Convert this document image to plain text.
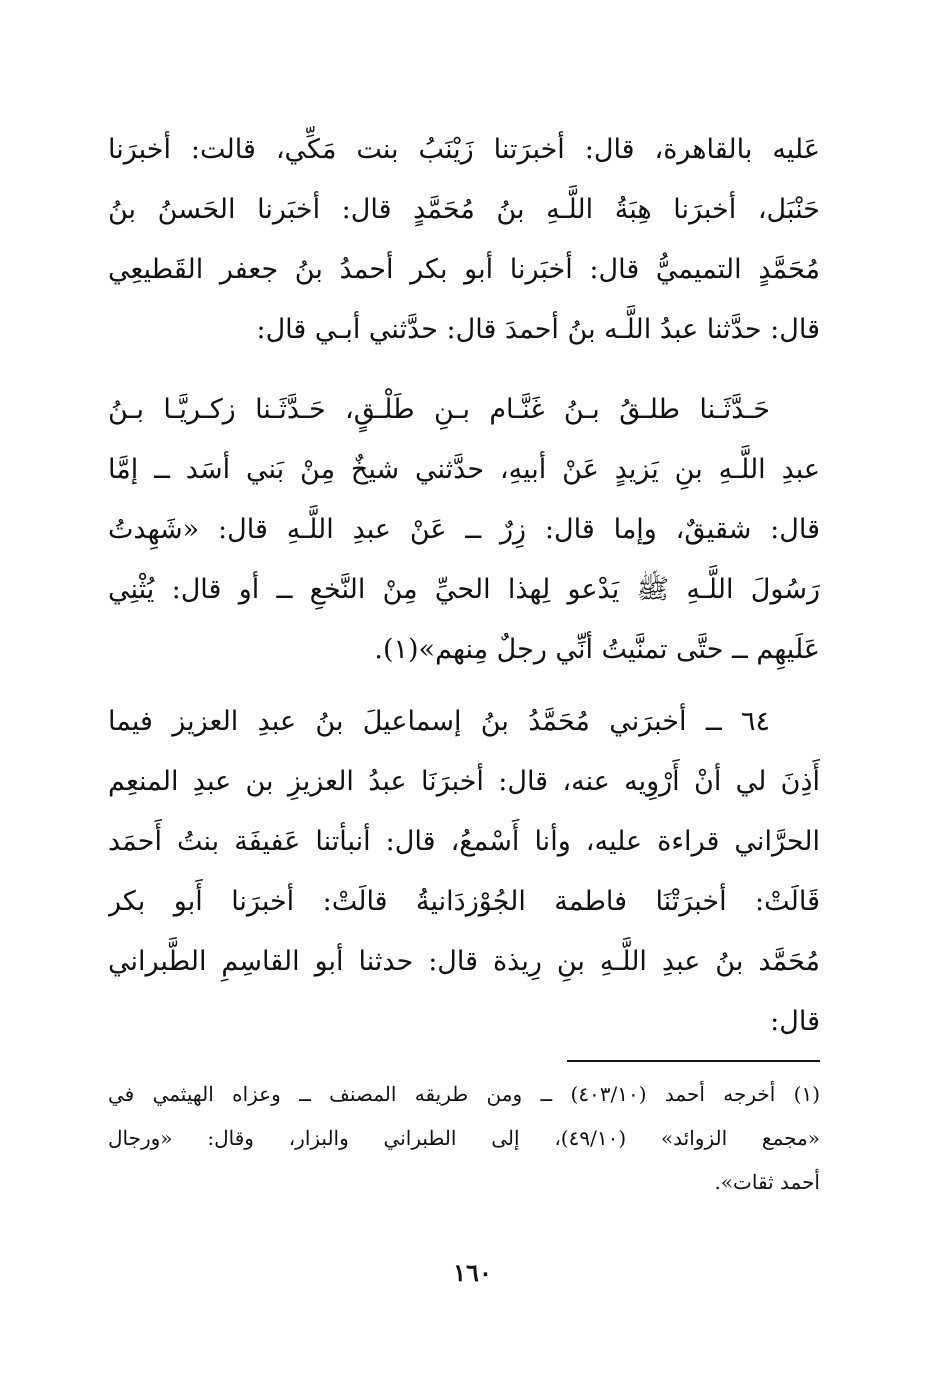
عَليه بالقاهرة، قال: أخبرَتنا زَيْنَبُ بنت مَكِّي، قالت: أخبرَنا
حَنْبَل، أخبرَنا هِبَةُ اللَّـهِ بنُ مُحَمَّدٍ قال: أخبَرنا الحَسنُ بنُ
مُحَمَّدٍ التميميُّ قال: أخبَرنا أبو بكر أحمدُ بنُ جعفر القَطيعِي
قال: حدَّثنا عبدُ اللَّـه بنُ أحمدَ قال: حدَّثني أبـي قال:
حَـدَّثَـنا طلـقُ بـنُ غَنَّـام بـنِ طَلْـقٍ، حَـدَّثَـنا زكـريَّـا بـنُ
عبدِ اللَّـهِ بنِ يَزيدٍ عَنْ أبيهِ، حدَّثني شيخٌ مِنْ بَني أسَد ــ إمَّا
قال: شقيقٌ، وإما قال: زِرٌ ــ عَنْ عبدِ اللَّـهِ قال: «شَهِدتُ
رَسُولَ اللَّـهِ ﷺ يَدْعو لِهذا الحيِّ مِنْ النَّخعِ ــ أو قال: يُثْنِي
عَلَيهِم ــ حتَّى تمنَّيتُ أنِّي رجلٌ مِنهم»(١).
٦٤ ــ أخبرَني مُحَمَّدُ بنُ إسماعيلَ بنُ عبدِ العزيز فيما
أَذِنَ لي أنْ أَرْوِيه عنه، قال: أخبرَنَا عبدُ العزيزِ بن عبدِ المنعِم
الحرَّاني قراءة عليه، وأنا أَسْمعُ، قال: أنبأتنا عَفيفَة بنتُ أَحمَد
قَالَتْ: أخبرَتْنَا فاطمة الجُوْزدَانيةُ قالَتْ: أخبرَنا أَبو بكر
مُحَمَّد بنُ عبدِ اللَّـهِ بنِ رِيذة قال: حدثنا أبو القاسِمِ الطَّبراني
قال:
(١) أخرجه أحمد (٤٠٣/١٠) ــ ومن طريقه المصنف ــ وعزاه الهيثمي في
«مجمع الزوائد» (٤٩/١٠)، إلى الطبراني والبزار، وقال: «ورجال
أحمد ثقات».
١٦٠
